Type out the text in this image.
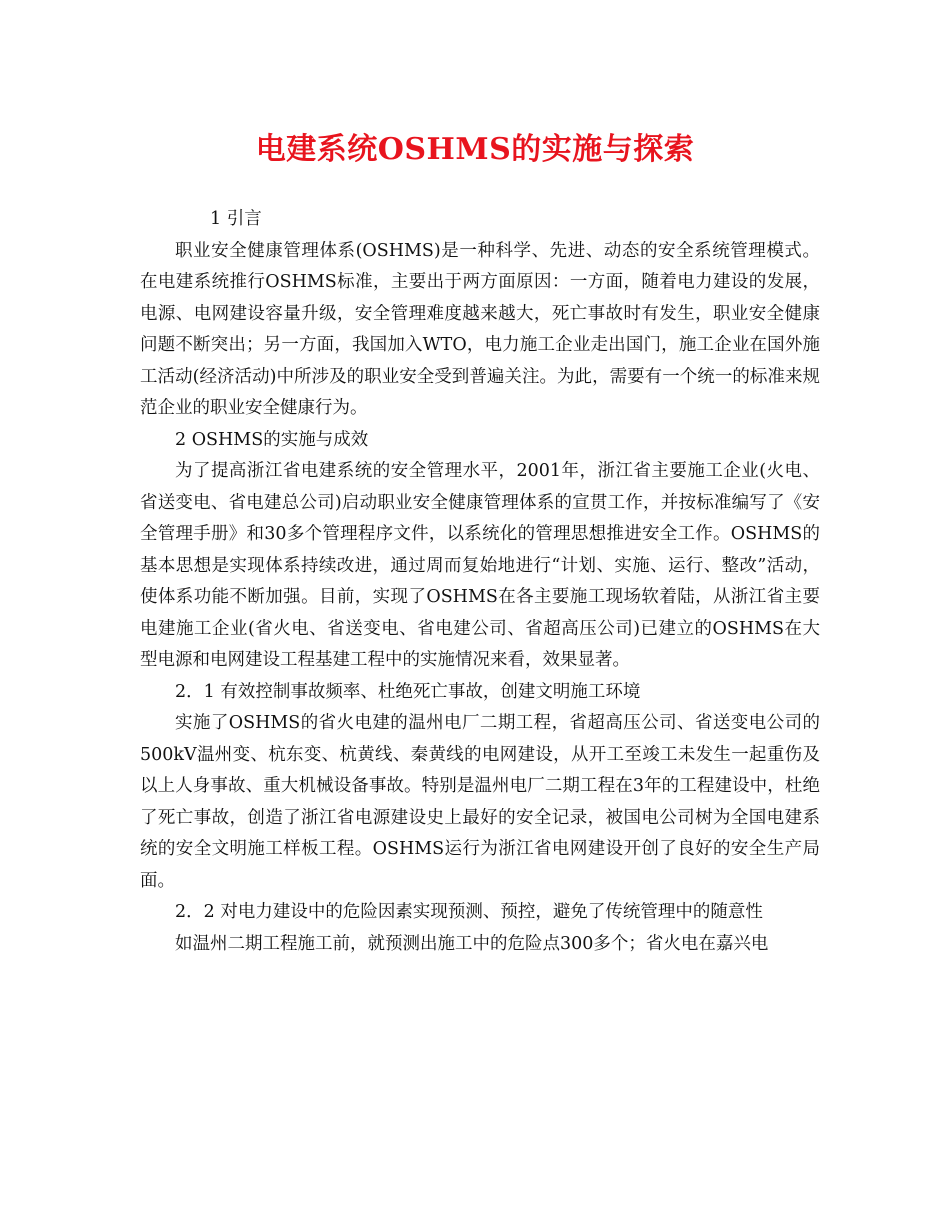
电建系统OSHMS的实施与探索

1 引言

职业安全健康管理体系(OSHMS)是一种科学、先进、动态的安全系统管理模式。在电建系统推行OSHMS标准，主要出于两方面原因：一方面，随着电力建设的发展，电源、电网建设容量升级，安全管理难度越来越大，死亡事故时有发生，职业安全健康问题不断突出；另一方面，我国加入WTO，电力施工企业走出国门，施工企业在国外施工活动(经济活动)中所涉及的职业安全受到普遍关注。为此，需要有一个统一的标准来规范企业的职业安全健康行为。

2 OSHMS的实施与成效

为了提高浙江省电建系统的安全管理水平，2001年，浙江省主要施工企业(火电、省送变电、省电建总公司)启动职业安全健康管理体系的宣贯工作，并按标准编写了《安全管理手册》和30多个管理程序文件，以系统化的管理思想推进安全工作。OSHMS的基本思想是实现体系持续改进，通过周而复始地进行“计划、实施、运行、整改”活动，使体系功能不断加强。目前，实现了OSHMS在各主要施工现场软着陆，从浙江省主要电建施工企业(省火电、省送变电、省电建公司、省超高压公司)已建立的OSHMS在大型电源和电网建设工程基建工程中的实施情况来看，效果显著。

2．1 有效控制事故频率、杜绝死亡事故，创建文明施工环境

实施了OSHMS的省火电建的温州电厂二期工程，省超高压公司、省送变电公司的500kV温州变、杭东变、杭黄线、秦黄线的电网建设，从开工至竣工未发生一起重伤及以上人身事故、重大机械设备事故。特别是温州电厂二期工程在3年的工程建设中，杜绝了死亡事故，创造了浙江省电源建设史上最好的安全记录，被国电公司树为全国电建系统的安全文明施工样板工程。OSHMS运行为浙江省电网建设开创了良好的安全生产局面。

2．2 对电力建设中的危险因素实现预测、预控，避免了传统管理中的随意性

如温州二期工程施工前，就预测出施工中的危险点300多个；省火电在嘉兴电
